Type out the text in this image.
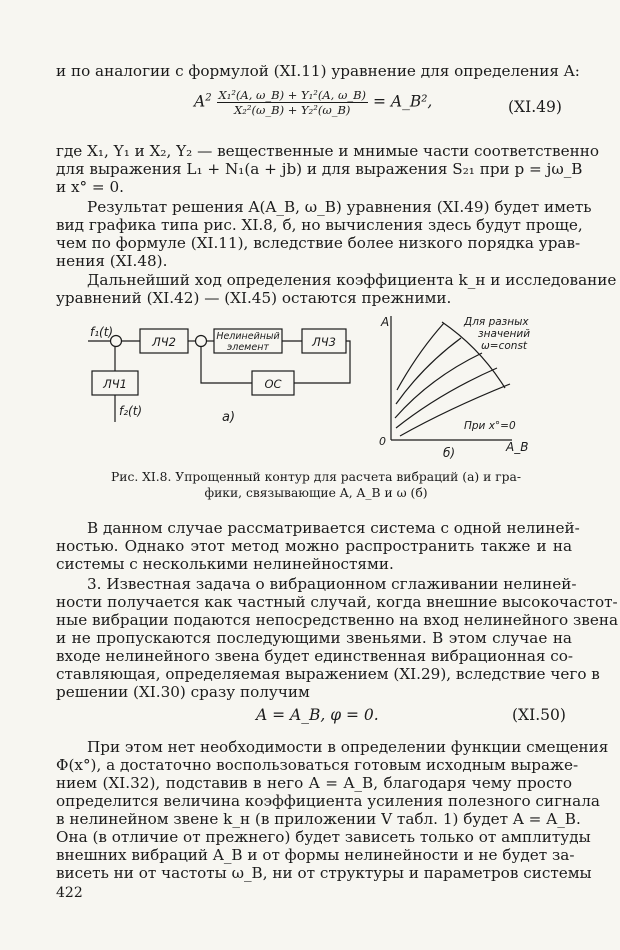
и по аналогии с формулой (XI.11) уравнение для определения A:
$A^2 \frac{\text{X₁²(A, ω\_B) + Y₁²(A, ω\_B)}}{\text{X₂²(ω\_B) + Y₂²(ω\_B)}}$ = A_B²,	(XI.49)
где X₁, Y₁ и X₂, Y₂ — вещественные и мнимые части соответственно
для выражения L₁ + N₁(a + jb) и для выражения S₂₁ при p = jω_B
и x° = 0.
Результат решения A(A_B, ω_B) уравнения (XI.49) будет иметь
вид графика типа рис. XI.8, б, но вычисления здесь будут проще,
чем по формуле (XI.11), вследствие более низкого порядка урав-
нения (XI.48).
Дальнейший ход определения коэффициента k_н и исследование
уравнений (XI.42) — (XI.45) остаются прежними.
f₁(t)
ЛЧ2	Нелинейный
элемент	ЛЧ3
ОС
ЛЧ1
f₂(t)	а)
A
A_B
0
Для разных
значений
ω=const
При x°=0
б)
Рис. XI.8. Упрощенный контур для расчета вибраций (а) и гра-
фики, связывающие A, A_B и ω (б)
В данном случае рассматривается система с одной нелиней-
ностью. Однако этот метод можно распространить также и на
системы с несколькими нелинейностями.
3. Известная задача о вибрационном сглаживании нелиней-
ности получается как частный случай, когда внешние высокочастот-
ные вибрации подаются непосредственно на вход нелинейного звена
и не пропускаются последующими звеньями. В этом случае на
входе нелинейного звена будет единственная вибрационная со-
ставляющая, определяемая выражением (XI.29), вследствие чего в
решении (XI.30) сразу получим
A = A_B, φ = 0.	(XI.50)
При этом нет необходимости в определении функции смещения
Φ(x°), а достаточно воспользоваться готовым исходным выраже-
нием (XI.32), подставив в него A = A_B, благодаря чему просто
определится величина коэффициента усиления полезного сигнала
в нелинейном звене k_н (в приложении V табл. 1) будет A = A_B.
Она (в отличие от прежнего) будет зависеть только от амплитуды
внешних вибраций A_B и от формы нелинейности и не будет за-
висеть ни от частоты ω_B, ни от структуры и параметров системы
422
